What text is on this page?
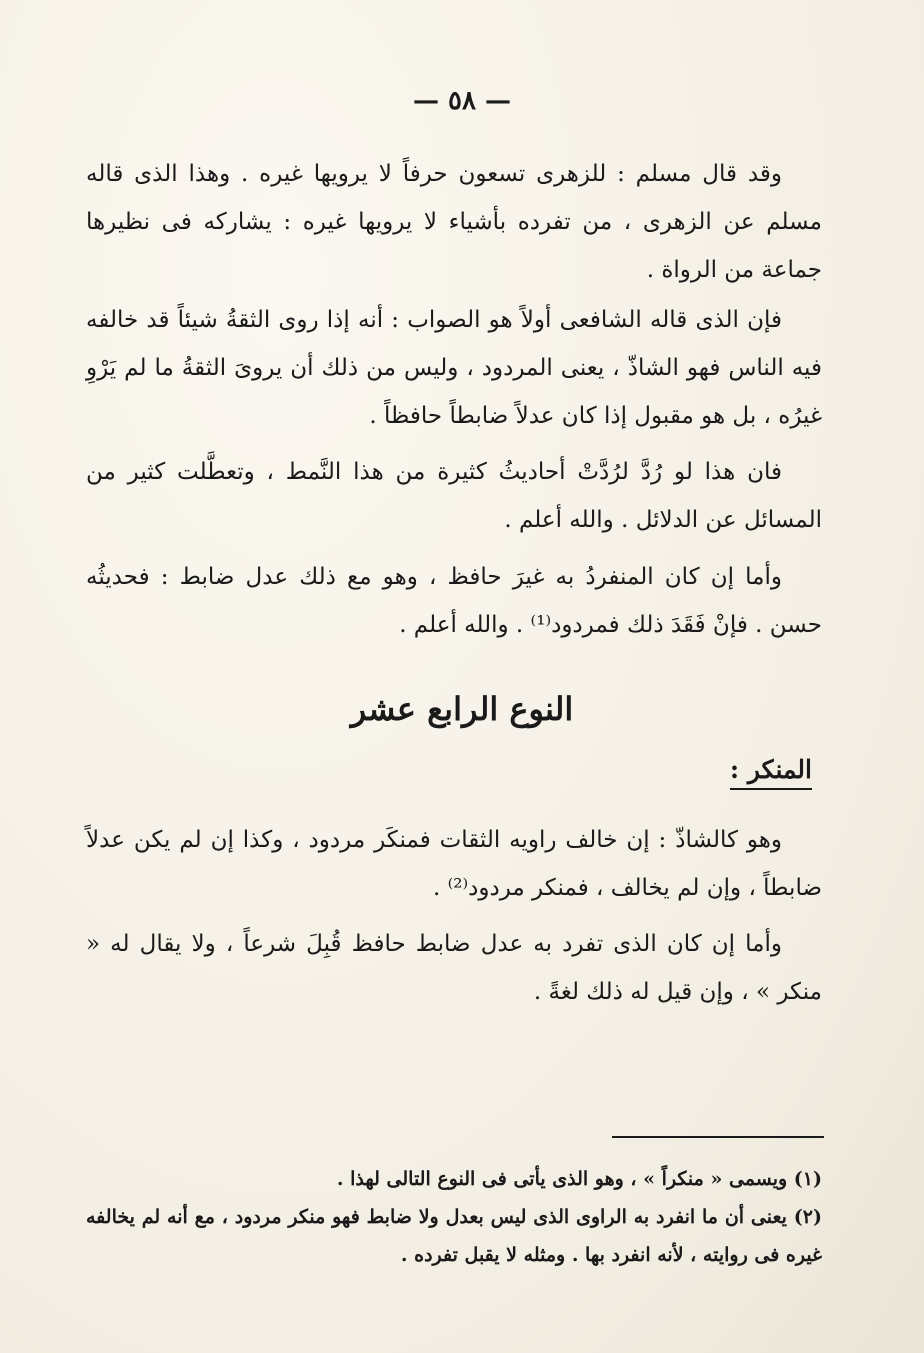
— ٥٨ —

وقد قال مسلم : للزهرى تسعون حرفاً لا يرويها غيره . وهذا الذى قاله مسلم عن الزهرى ، من تفرده بأشياء لا يرويها غيره : يشاركه فى نظيرها جماعة من الرواة .

فإن الذى قاله الشافعى أولاً هو الصواب : أنه إذا روى الثقةُ شيئاً قد خالفه فيه الناس فهو الشاذّ ، يعنى المردود ، وليس من ذلك أن يروىَ الثقةُ ما لم يَرْوِ غيرُه ، بل هو مقبول إذا كان عدلاً ضابطاً حافظاً .

فان هذا لو رُدَّ لرُدَّتْ أحاديثُ كثيرة من هذا النَّمط ، وتعطَّلت كثير من المسائل عن الدلائل . والله أعلم .

وأما إن كان المنفردُ به غيرَ حافظ ، وهو مع ذلك عدل ضابط : فحديثُه حسن . فإنْ فَقَدَ ذلك فمردود⁽¹⁾ . والله أعلم .

النوع الرابع عشر
المنكر :

وهو كالشاذّ : إن خالف راويه الثقات فمنكَر مردود ، وكذا إن لم يكن عدلاً ضابطاً ، وإن لم يخالف ، فمنكر مردود⁽²⁾ .

وأما إن كان الذى تفرد به عدل ضابط حافظ قُبِلَ شرعاً ، ولا يقال له « منكر » ، وإن قيل له ذلك لغةً .

(١) ويسمى « منكراً » ، وهو الذى يأتى فى النوع التالى لهذا .

(٢) يعنى أن ما انفرد به الراوى الذى ليس بعدل ولا ضابط فهو منكر مردود ، مع أنه لم يخالفه غيره فى روايته ، لأنه انفرد بها . ومثله لا يقبل تفرده .
